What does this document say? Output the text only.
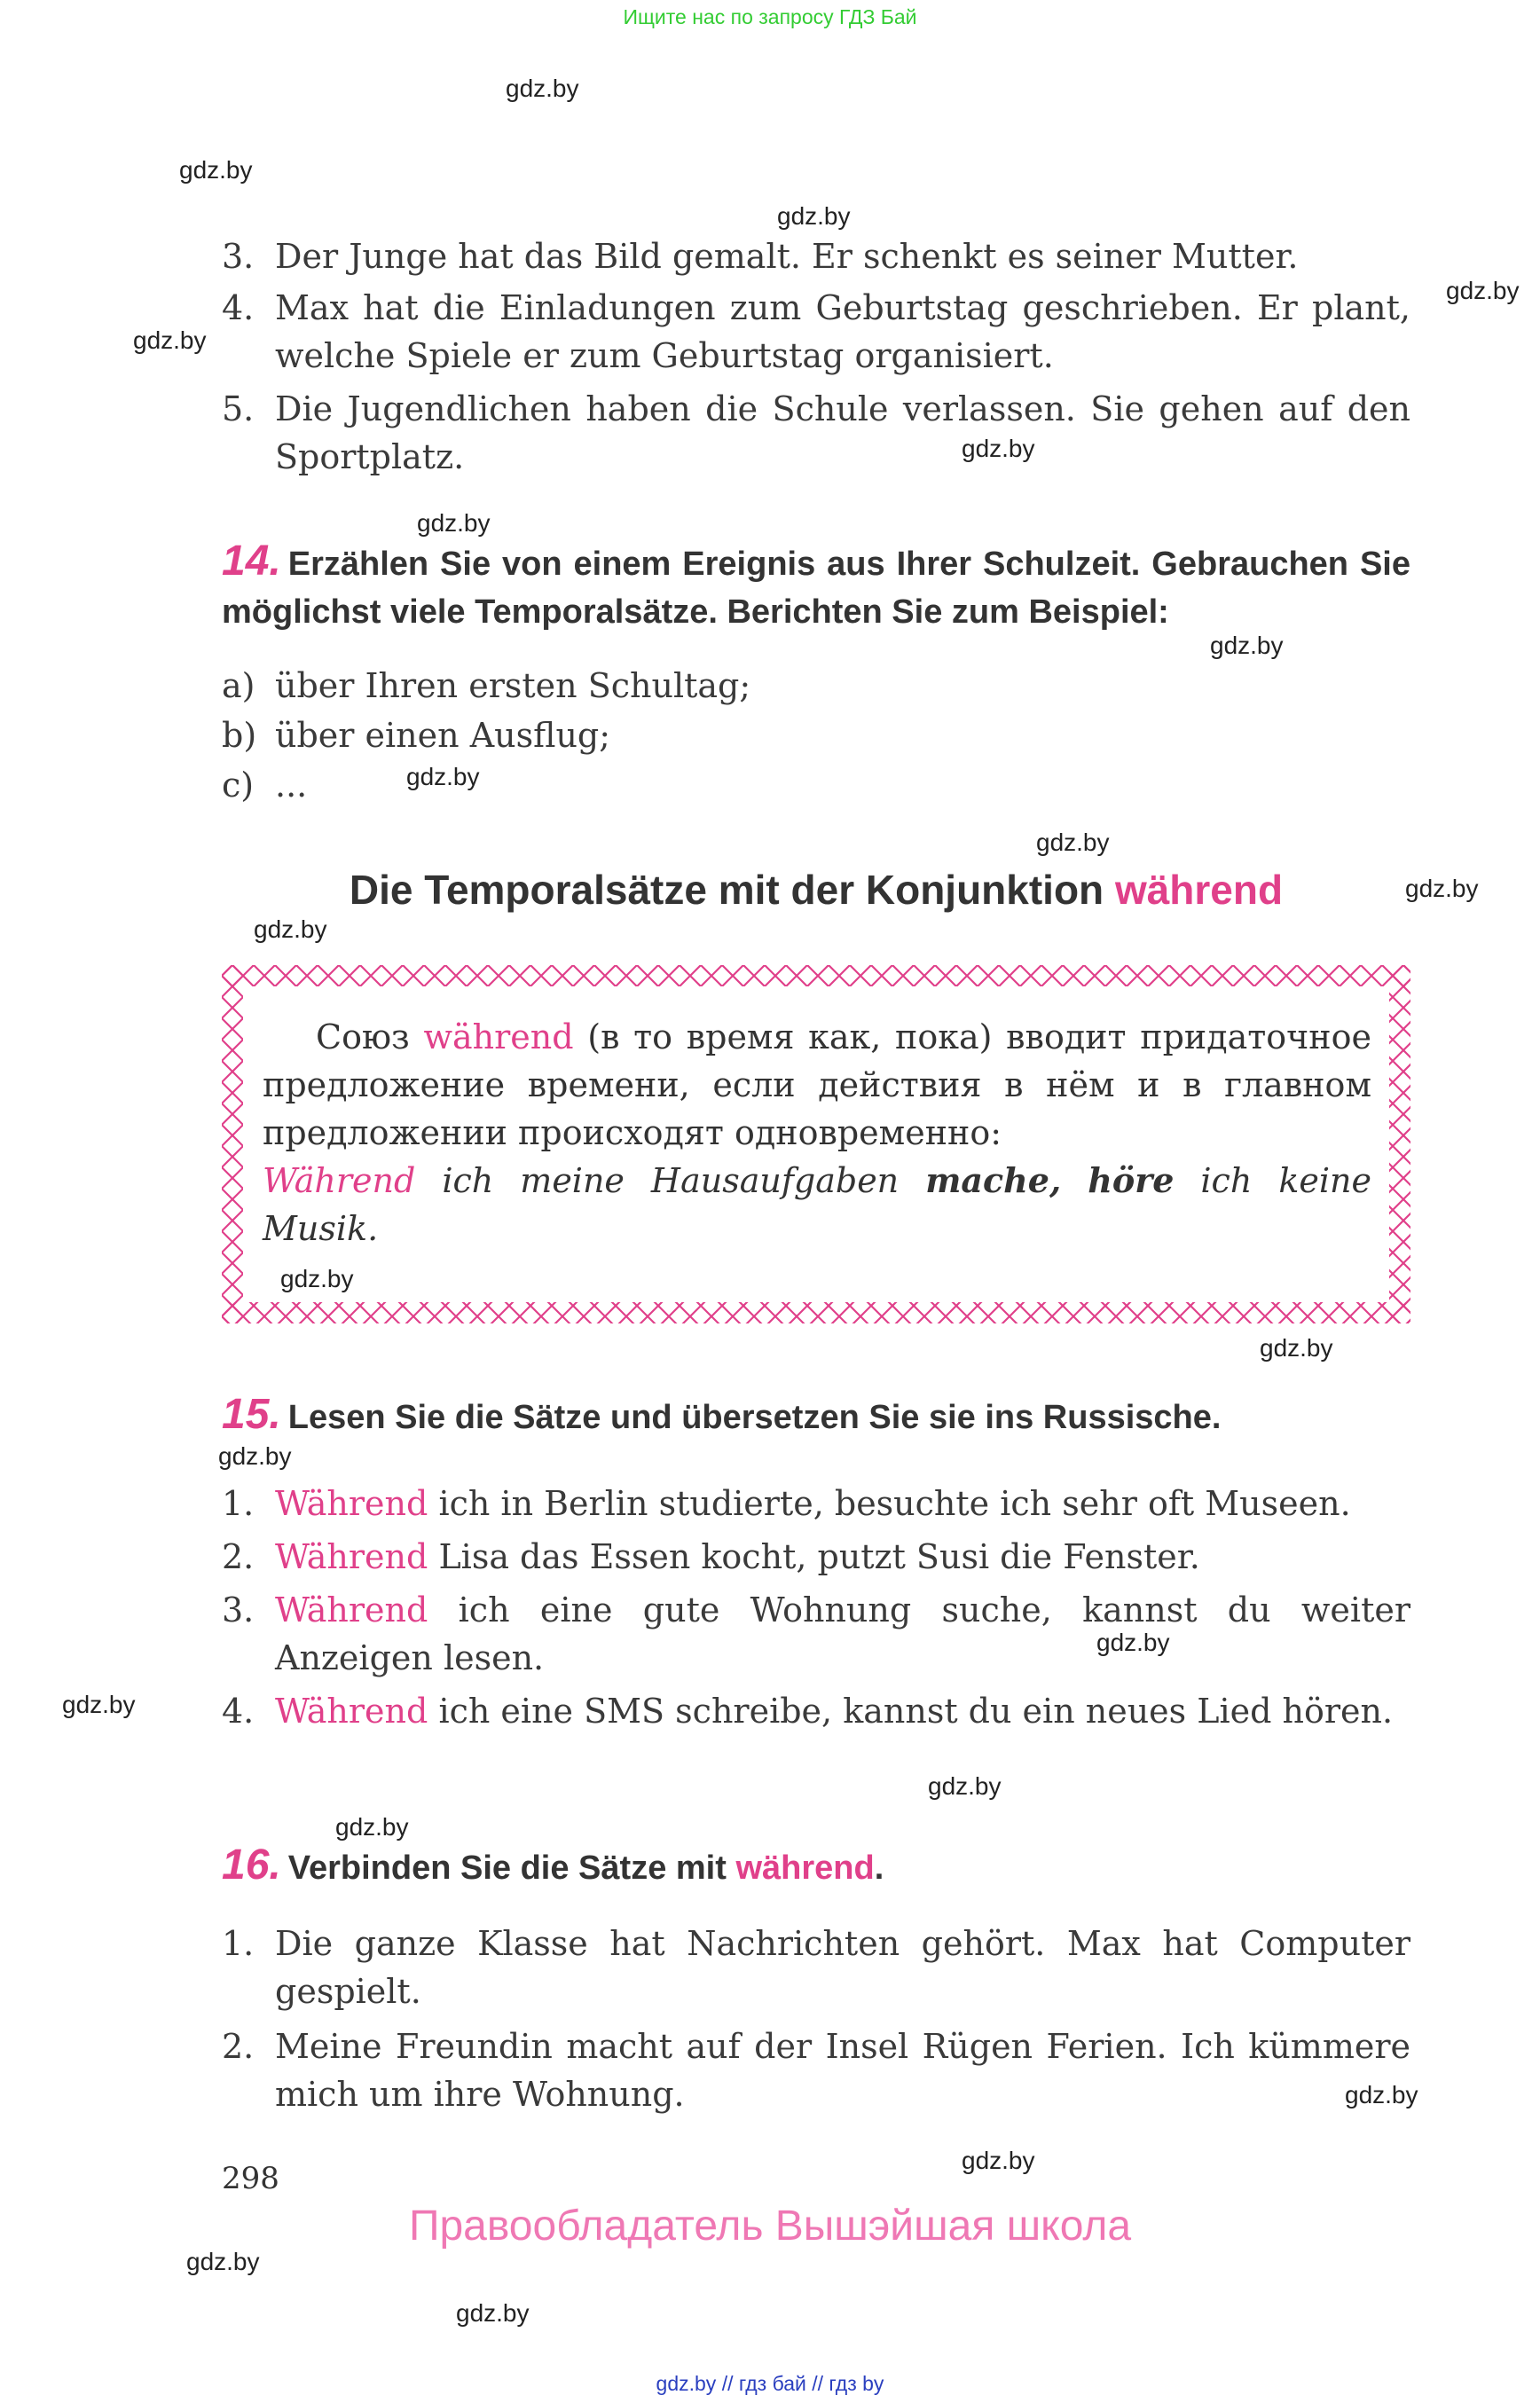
Ищите нас по запросу ГДЗ Бай
gdz.by
gdz.by
gdz.by
gdz.by
gdz.by
gdz.by
gdz.by
gdz.by
gdz.by
gdz.by
gdz.by
gdz.by
gdz.by
gdz.by
gdz.by
gdz.by
gdz.by
gdz.by
gdz.by
gdz.by
gdz.by
gdz.by
gdz.by
3. Der Junge hat das Bild gemalt. Er schenkt es seiner Mutter.
4. Max hat die Einladungen zum Geburtstag geschrieben. Er plant, welche Spiele er zum Geburtstag organisiert.
5. Die Jugendlichen haben die Schule verlassen. Sie gehen auf den Sportplatz.
14. Erzählen Sie von einem Ereignis aus Ihrer Schulzeit. Gebrauchen Sie möglichst viele Temporalsätze. Berichten Sie zum Beispiel:
a) über Ihren ersten Schultag;
b) über einen Ausflug;
c) ...
Die Temporalsätze mit der Konjunktion während
Союз während (в то время как, пока) вводит придаточное предложение времени, если действия в нём и в главном предложении происходят одновременно:
Während ich meine Hausaufgaben mache, höre ich keine Musik.
15. Lesen Sie die Sätze und übersetzen Sie sie ins Russische.
1. Während ich in Berlin studierte, besuchte ich sehr oft Museen.
2. Während Lisa das Essen kocht, putzt Susi die Fenster.
3. Während ich eine gute Wohnung suche, kannst du weiter Anzeigen lesen.
4. Während ich eine SMS schreibe, kannst du ein neues Lied hören.
16. Verbinden Sie die Sätze mit während.
1. Die ganze Klasse hat Nachrichten gehört. Max hat Computer gespielt.
2. Meine Freundin macht auf der Insel Rügen Ferien. Ich kümmere mich um ihre Wohnung.
298
Правообладатель Вышэйшая школа
gdz.by // гдз бай // гдз by
